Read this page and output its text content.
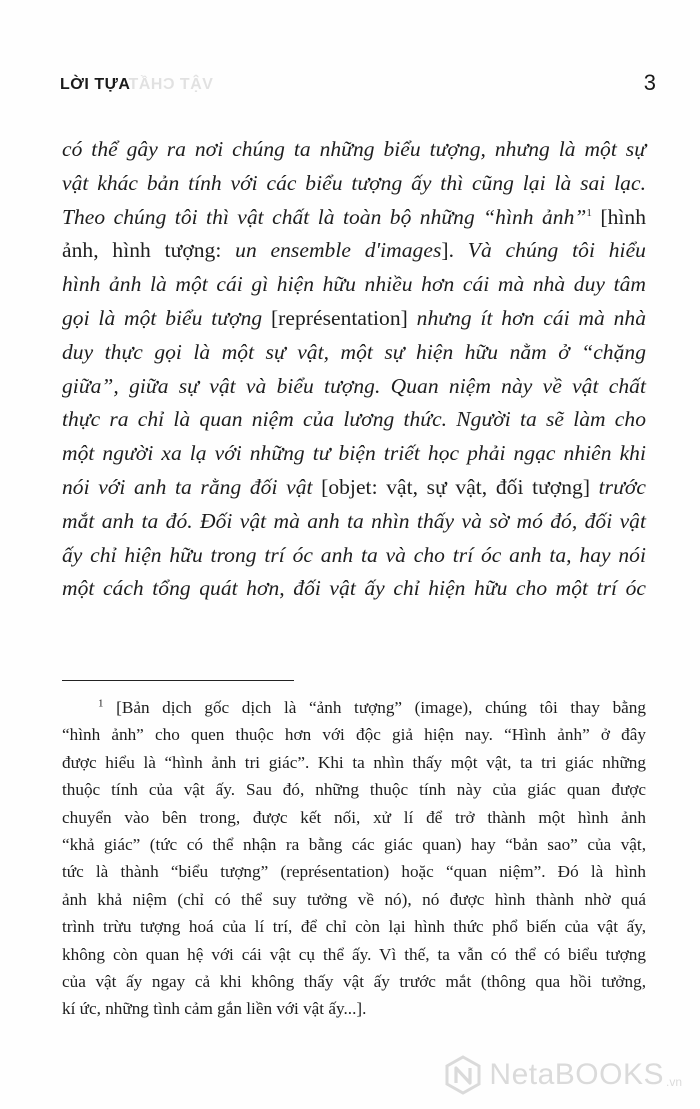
LỜI TỰA
VẬT CHẤT	3
có thể gây ra nơi chúng ta những biểu tượng, nhưng là một sự
vật khác bản tính với các biểu tượng ấy thì cũng lại là sai lạc.
Theo chúng tôi thì vật chất là toàn bộ những “hình ảnh”$^1$ [hình
ảnh, hình tượng: un ensemble d'images]. Và chúng tôi hiểu
hình ảnh là một cái gì hiện hữu nhiều hơn cái mà nhà duy tâm
gọi là một biểu tượng [représentation] nhưng ít hơn cái mà nhà
duy thực gọi là một sự vật, một sự hiện hữu nằm ở “chặng
giữa”, giữa sự vật và biểu tượng. Quan niệm này về vật chất
thực ra chỉ là quan niệm của lương thức. Người ta sẽ làm cho
một người xa lạ với những tư biện triết học phải ngạc nhiên khi
nói với anh ta rằng đối vật [objet: vật, sự vật, đối tượng] trước
mắt anh ta đó. Đối vật mà anh ta nhìn thấy và sờ mó đó, đối vật
ấy chỉ hiện hữu trong trí óc anh ta và cho trí óc anh ta, hay nói
một cách tổng quát hơn, đối vật ấy chỉ hiện hữu cho một trí óc
$^1$ [Bản dịch gốc dịch là “ảnh tượng” (image), chúng tôi thay bằng
“hình ảnh” cho quen thuộc hơn với độc giả hiện nay. “Hình ảnh” ở đây
được hiểu là “hình ảnh tri giác”. Khi ta nhìn thấy một vật, ta tri giác những
thuộc tính của vật ấy. Sau đó, những thuộc tính này của giác quan được
chuyển vào bên trong, được kết nối, xử lí để trở thành một hình ảnh
“khả giác” (tức có thể nhận ra bằng các giác quan) hay “bản sao” của vật,
tức là thành “biểu tượng” (représentation) hoặc “quan niệm”. Đó là hình
ảnh khả niệm (chỉ có thể suy tưởng về nó), nó được hình thành nhờ quá
trình trừu tượng hoá của lí trí, để chỉ còn lại hình thức phổ biến của vật ấy,
không còn quan hệ với cái vật cụ thể ấy. Vì thế, ta vẫn có thể có biểu tượng
của vật ấy ngay cả khi không thấy vật ấy trước mắt (thông qua hồi tưởng,
kí ức, những tình cảm gắn liền với vật ấy...].
NetaBOOKS .vn
